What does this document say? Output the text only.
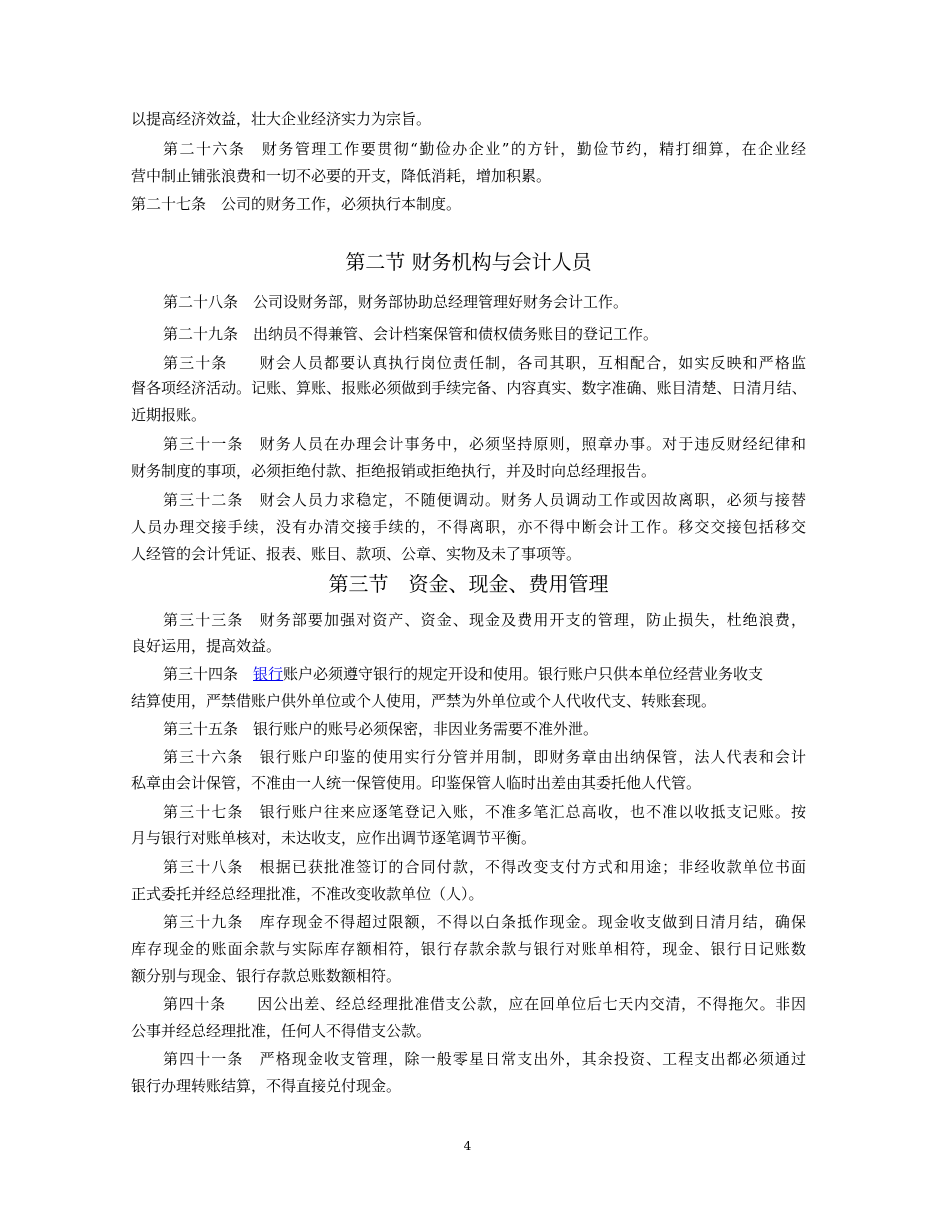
以提高经济效益，壮大企业经济实力为宗旨。
第二十六条　财务管理工作要贯彻“勤俭办企业”的方针，勤俭节约，精打细算，在企业经
营中制止铺张浪费和一切不必要的开支，降低消耗，增加积累。
第二十七条　公司的财务工作，必须执行本制度。
第二节 财务机构与会计人员
第二十八条　公司设财务部，财务部协助总经理管理好财务会计工作。
第二十九条　出纳员不得兼管、会计档案保管和债权债务账目的登记工作。
第三十条　　财会人员都要认真执行岗位责任制，各司其职，互相配合，如实反映和严格监
督各项经济活动。记账、算账、报账必须做到手续完备、内容真实、数字准确、账目清楚、日清月结、
近期报账。
第三十一条　财务人员在办理会计事务中，必须坚持原则，照章办事。对于违反财经纪律和
财务制度的事项，必须拒绝付款、拒绝报销或拒绝执行，并及时向总经理报告。
第三十二条　财会人员力求稳定，不随便调动。财务人员调动工作或因故离职，必须与接替
人员办理交接手续，没有办清交接手续的，不得离职，亦不得中断会计工作。移交交接包括移交
人经管的会计凭证、报表、账目、款项、公章、实物及未了事项等。
第三节　资金、现金、费用管理
第三十三条　财务部要加强对资产、资金、现金及费用开支的管理，防止损失，杜绝浪费，
良好运用，提高效益。
第三十四条　银行账户必须遵守银行的规定开设和使用。银行账户只供本单位经营业务收支
结算使用，严禁借账户供外单位或个人使用，严禁为外单位或个人代收代支、转账套现。
第三十五条　银行账户的账号必须保密，非因业务需要不准外泄。
第三十六条　银行账户印鉴的使用实行分管并用制，即财务章由出纳保管，法人代表和会计
私章由会计保管，不准由一人统一保管使用。印鉴保管人临时出差由其委托他人代管。
第三十七条　银行账户往来应逐笔登记入账，不准多笔汇总高收，也不准以收抵支记账。按
月与银行对账单核对，未达收支，应作出调节逐笔调节平衡。
第三十八条　根据已获批准签订的合同付款，不得改变支付方式和用途；非经收款单位书面
正式委托并经总经理批准，不准改变收款单位（人）。
第三十九条　库存现金不得超过限额，不得以白条抵作现金。现金收支做到日清月结，确保
库存现金的账面余款与实际库存额相符，银行存款余款与银行对账单相符，现金、银行日记账数
额分别与现金、银行存款总账数额相符。
第四十条　　因公出差、经总经理批准借支公款，应在回单位后七天内交清，不得拖欠。非因
公事并经总经理批准，任何人不得借支公款。
第四十一条　严格现金收支管理，除一般零星日常支出外，其余投资、工程支出都必须通过
银行办理转账结算，不得直接兑付现金。
4
